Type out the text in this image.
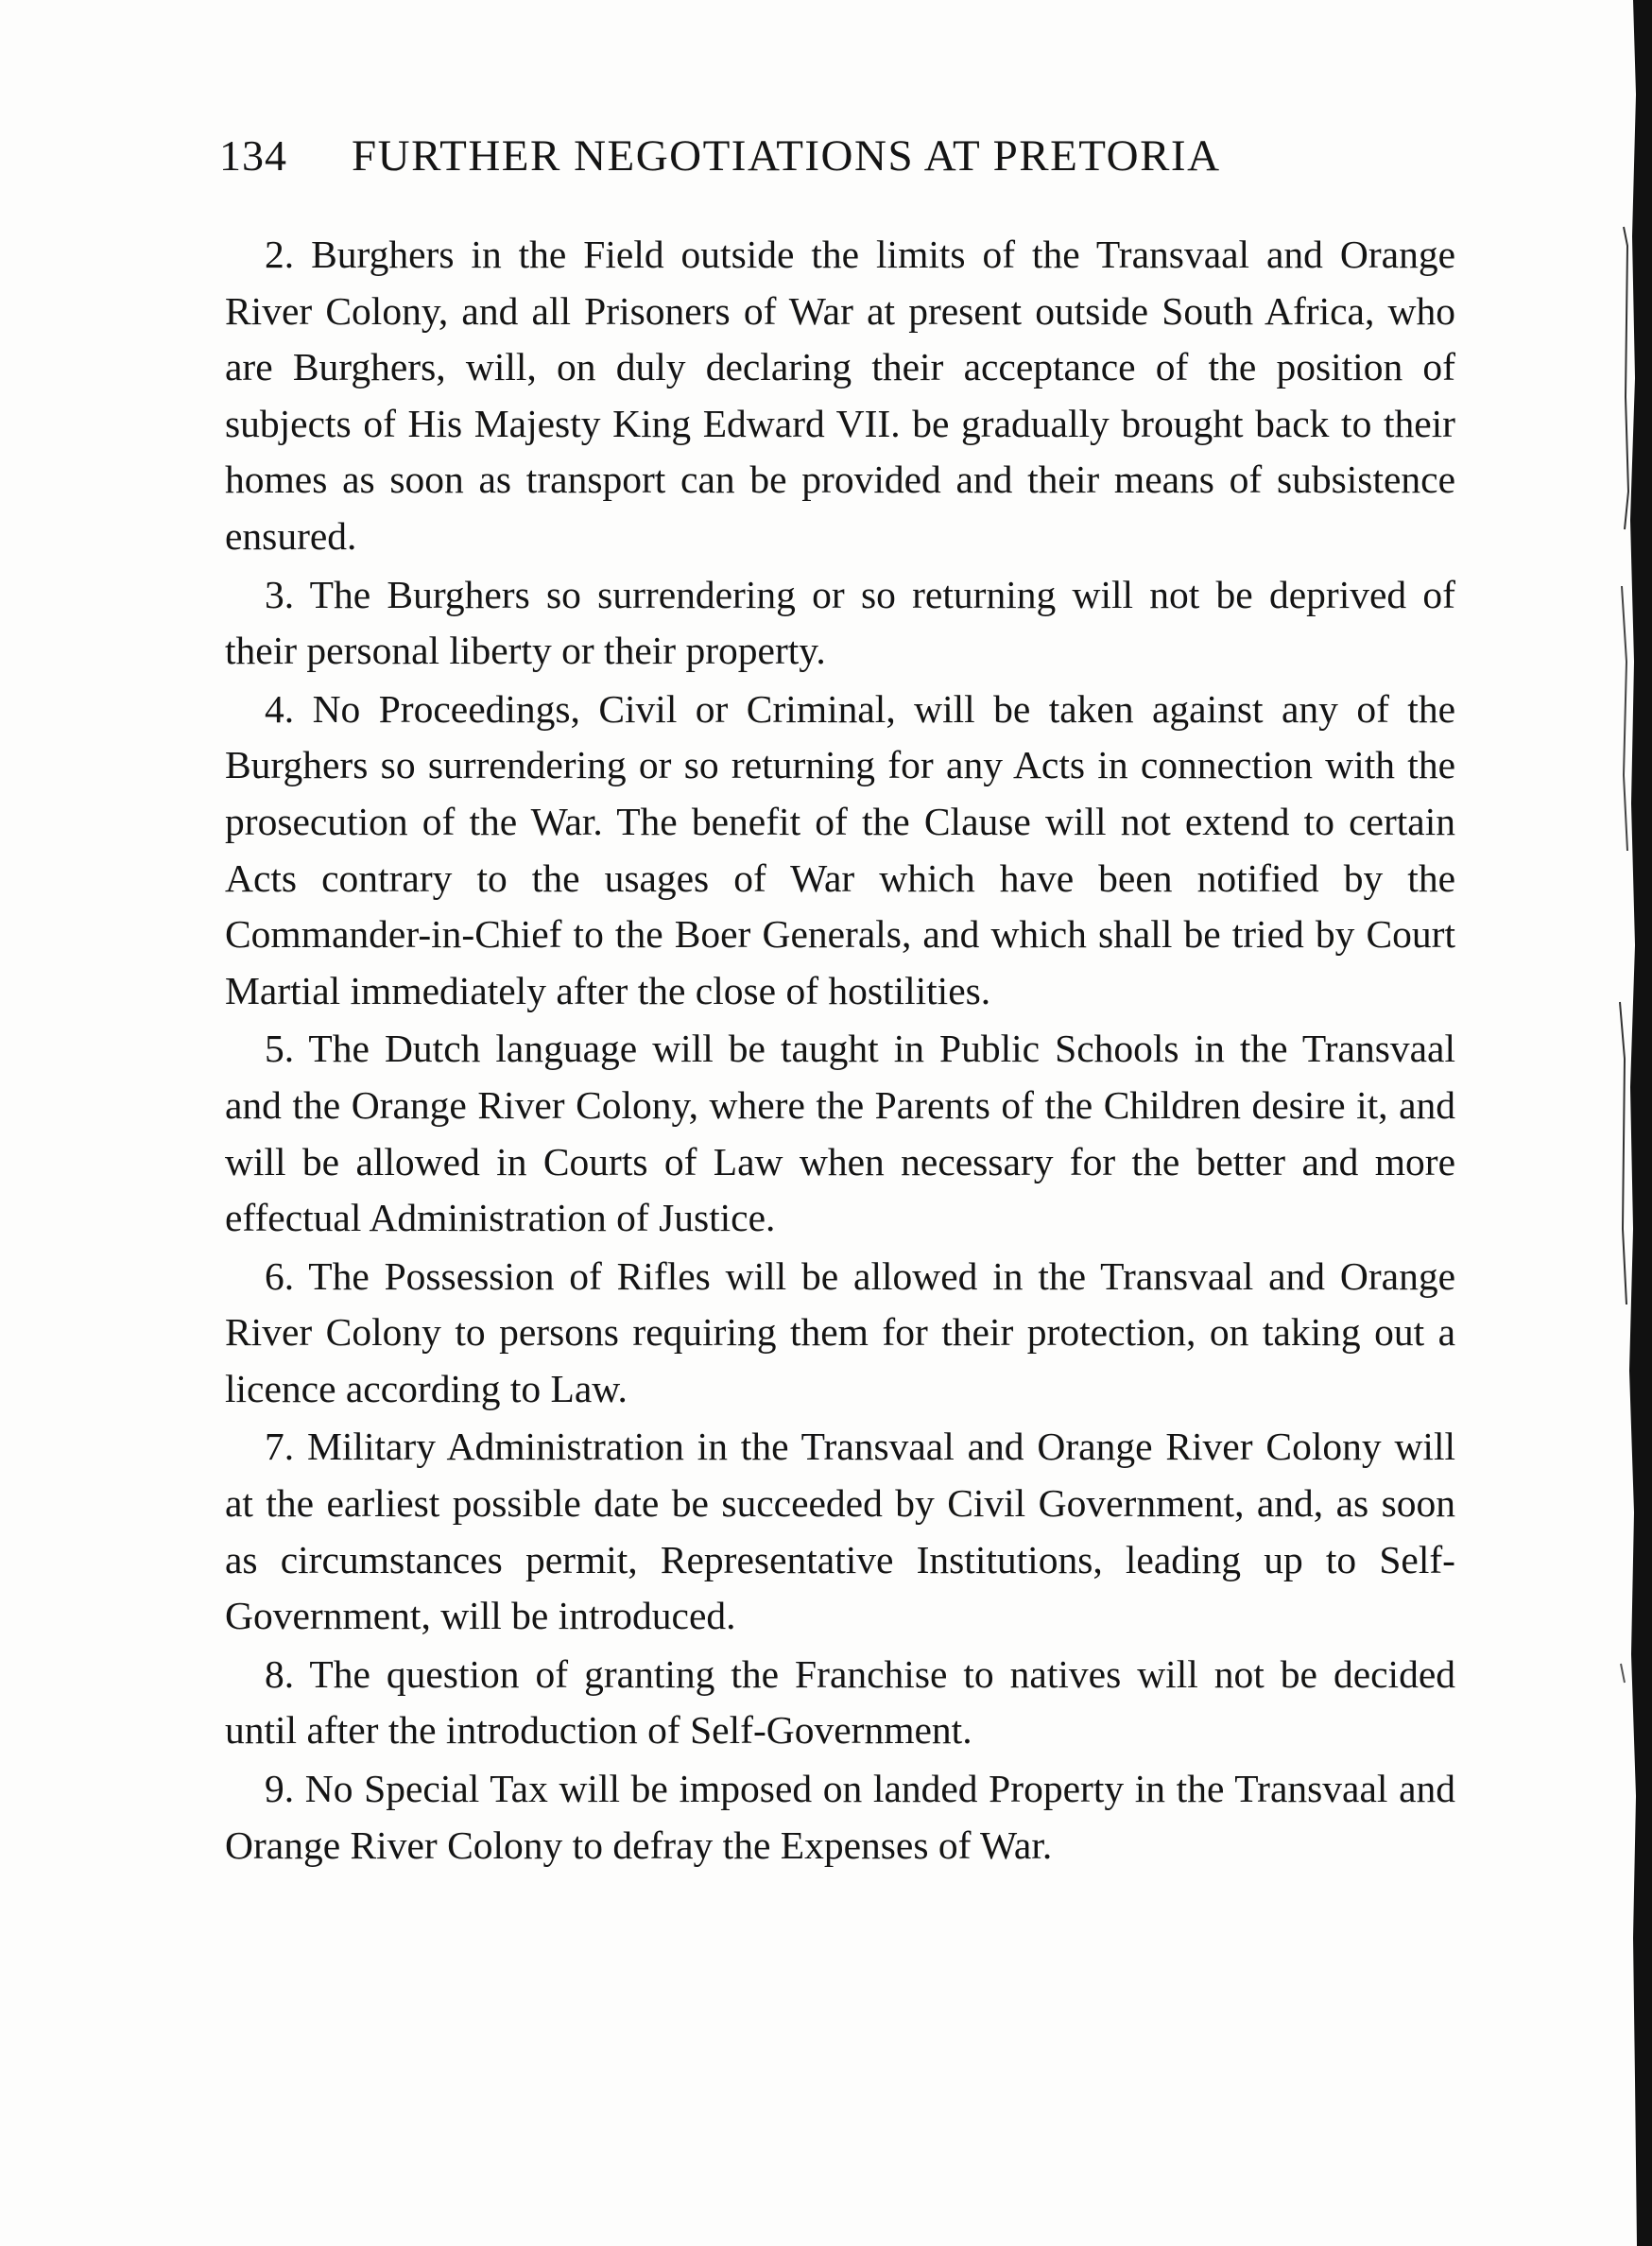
134 FURTHER NEGOTIATIONS AT PRETORIA

2. Burghers in the Field outside the limits of the Transvaal and Orange River Colony, and all Prisoners of War at present outside South Africa, who are Burghers, will, on duly declaring their acceptance of the position of subjects of His Majesty King Edward VII. be gradually brought back to their homes as soon as transport can be provided and their means of subsistence ensured.

3. The Burghers so surrendering or so returning will not be deprived of their personal liberty or their property.

4. No Proceedings, Civil or Criminal, will be taken against any of the Burghers so surrendering or so returning for any Acts in connection with the prosecution of the War. The benefit of the Clause will not extend to certain Acts contrary to the usages of War which have been notified by the Commander-in-Chief to the Boer Generals, and which shall be tried by Court Martial immediately after the close of hostilities.

5. The Dutch language will be taught in Public Schools in the Transvaal and the Orange River Colony, where the Parents of the Children desire it, and will be allowed in Courts of Law when necessary for the better and more effectual Administration of Justice.

6. The Possession of Rifles will be allowed in the Transvaal and Orange River Colony to persons requiring them for their protection, on taking out a licence according to Law.

7. Military Administration in the Transvaal and Orange River Colony will at the earliest possible date be succeeded by Civil Government, and, as soon as circumstances permit, Representative Institutions, leading up to Self-Government, will be introduced.

8. The question of granting the Franchise to natives will not be decided until after the introduction of Self-Government.

9. No Special Tax will be imposed on landed Property in the Transvaal and Orange River Colony to defray the Expenses of War.
